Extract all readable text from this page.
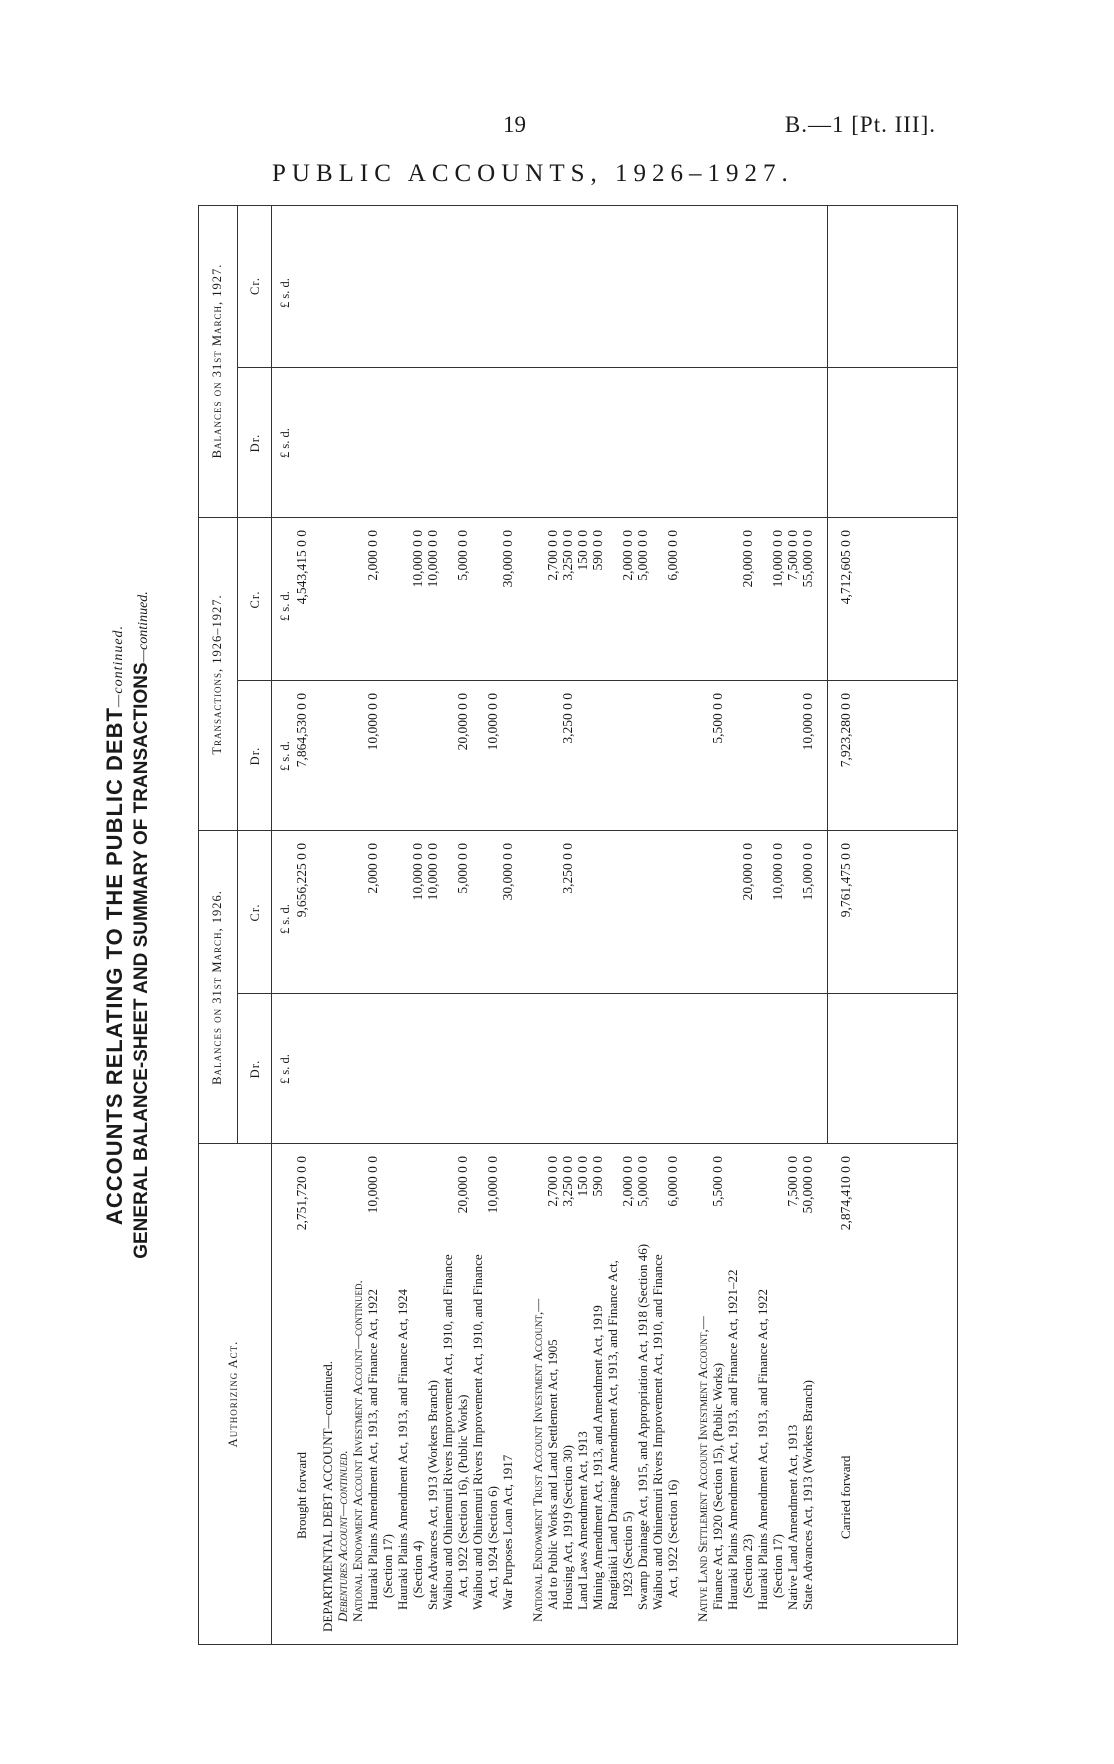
19	B.—1 [Pt. III].
PUBLIC ACCOUNTS, 1926–1927.
ACCOUNTS RELATING TO THE PUBLIC DEBT—continued. GENERAL BALANCE-SHEET AND SUMMARY OF TRANSACTIONS—continued.
Authorizing Act.
Balances on 31st March, 1926.
Transactions, 1926–1927.
Balances on 31st March, 1927.
Dr.
Cr.
Dr.
Cr.
Dr.
Cr.
£ s. d.
£ s. d.
£ s. d.
£ s. d.
£ s. d.
£ s. d.
Brought forward
2,751,720 0 0
9,656,225 0 0
7,864,530 0 0
4,543,415 0 0
DEPARTMENTAL DEBT ACCOUNT—continued. Debentures Account—continued. National Endowment Account Investment Account—continued. Hauraki Plains Amendment Act, 1913, and Finance Act, 1922 (Section 17)
10,000 0 0
2,000 0 0
10,000 0 0
2,000 0 0
Hauraki Plains Amendment Act, 1913, and Finance Act, 1924 (Section 4)
10,000 0 0
10,000 0 0
State Advances Act, 1913 (Workers Branch)
10,000 0 0
10,000 0 0
Waihou and Ohinemuri Rivers Improvement Act, 1910, and Finance Act, 1922 (Section 16), (Public Works)
20,000 0 0
5,000 0 0
20,000 0 0
5,000 0 0
Waihou and Ohinemuri Rivers Improvement Act, 1910, and Finance Act, 1924 (Section 6)
10,000 0 0
10,000 0 0
War Purposes Loan Act, 1917
30,000 0 0
30,000 0 0
National Endowment Trust Account Investment Account,— Aid to Public Works and Land Settlement Act, 1905
2,700 0 0
2,700 0 0
Housing Act, 1919 (Section 30)
3,250 0 0
3,250 0 0
3,250 0 0
3,250 0 0
Land Laws Amendment Act, 1913
150 0 0
150 0 0
Mining Amendment Act, 1913, and Amendment Act, 1919
590 0 0
590 0 0
Rangitaiki Land Drainage Amendment Act, 1913, and Finance Act, 1923 (Section 5)
2,000 0 0
2,000 0 0
Swamp Drainage Act, 1915, and Appropriation Act, 1918 (Section 46)
5,000 0 0
5,000 0 0
Waihou and Ohinemuri Rivers Improvement Act, 1910, and Finance Act, 1922 (Section 16)
6,000 0 0
6,000 0 0
Native Land Settlement Account Investment Account,— Finance Act, 1920 (Section 15), (Public Works)
5,500 0 0
5,500 0 0
Hauraki Plains Amendment Act, 1913, and Finance Act, 1921–22 (Section 23)
20,000 0 0
20,000 0 0
Hauraki Plains Amendment Act, 1913, and Finance Act, 1922 (Section 17)
10,000 0 0
10,000 0 0
Native Land Amendment Act, 1913
7,500 0 0
7,500 0 0
State Advances Act, 1913 (Workers Branch)
50,000 0 0
15,000 0 0
10,000 0 0
55,000 0 0
Carried forward
2,874,410 0 0
9,761,475 0 0
7,923,280 0 0
4,712,605 0 0
